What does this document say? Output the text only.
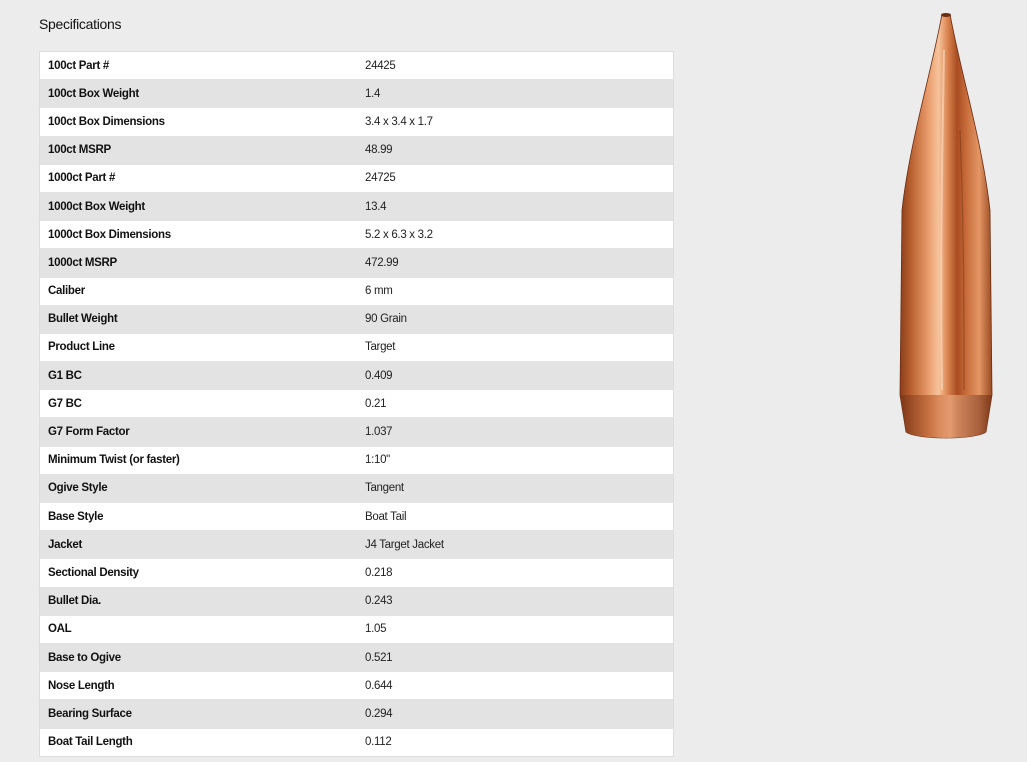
Specifications
100ct Part #	24425
100ct Box Weight	1.4
100ct Box Dimensions	3.4 x 3.4 x 1.7
100ct MSRP	48.99
1000ct Part #	24725
1000ct Box Weight	13.4
1000ct Box Dimensions	5.2 x 6.3 x 3.2
1000ct MSRP	472.99
Caliber	6 mm
Bullet Weight	90 Grain
Product Line	Target
G1 BC	0.409
G7 BC	0.21
G7 Form Factor	1.037
Minimum Twist (or faster)	1:10"
Ogive Style	Tangent
Base Style	Boat Tail
Jacket	J4 Target Jacket
Sectional Density	0.218
Bullet Dia.	0.243
OAL	1.05
Base to Ogive	0.521
Nose Length	0.644
Bearing Surface	0.294
Boat Tail Length	0.112
